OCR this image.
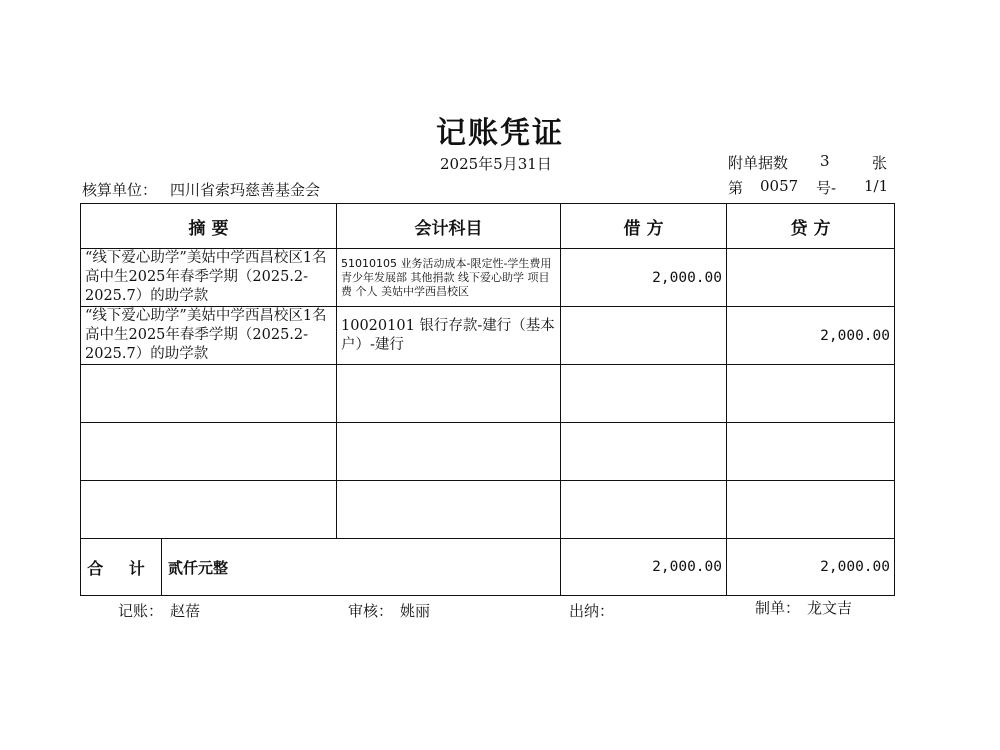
记账凭证
2025年5月31日	附单据数 3	张
核算单位： 四川省索玛慈善基金会	第 0057 号- 1/1
摘 要	会计科目	借 方	贷 方
“线下爱心助学”美姑中学西昌校区1名高中生2025年春季学期（2025.2-2025.7）的助学款	51010105 业务活动成本-限定性-学生费用 青少年发展部 其他捐款 线下爱心助学 项目费 个人 美姑中学西昌校区	2,000.00	
“线下爱心助学”美姑中学西昌校区1名高中生2025年春季学期（2025.2-2025.7）的助学款	10020101 银行存款-建行（基本户）-建行		2,000.00

合 计 贰仟元整		2,000.00	2,000.00
记账： 赵蓓	审核： 姚丽	出纳：	制单： 龙文吉
